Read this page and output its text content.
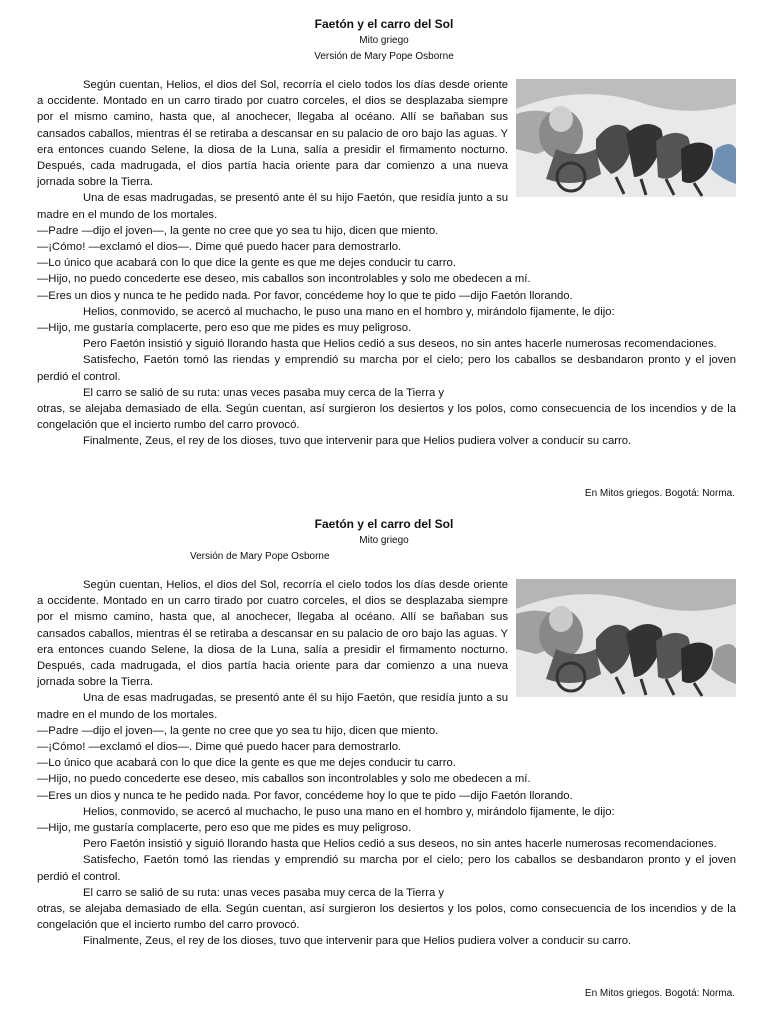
Faetón y el carro del Sol
Mito griego
Versión de Mary Pope Osborne

Según cuentan, Helios, el dios del Sol, recorría el cielo todos los días desde oriente a occidente. Montado en un carro tirado por cuatro corceles, el dios se desplazaba siempre por el mismo camino, hasta que, al anochecer, llegaba al océano. Allí se bañaban sus cansados caballos, mientras él se retiraba a descansar en su palacio de oro bajo las aguas. Y era entonces cuando Selene, la diosa de la Luna, salía a presidir el firmamento nocturno. Después, cada madrugada, el dios partía hacia oriente para dar comienzo a una nueva jornada sobre la Tierra.

Una de esas madrugadas, se presentó ante él su hijo Faetón, que residía junto a su madre en el mundo de los mortales.

—Padre —dijo el joven—, la gente no cree que yo sea tu hijo, dicen que miento.

—¡Cómo! —exclamó el dios—. Dime qué puedo hacer para demostrarlo.

—Lo único que acabará con lo que dice la gente es que me dejes conducir tu carro.

—Hijo, no puedo concederte ese deseo, mis caballos son incontrolables y solo me obedecen a mí.

—Eres un dios y nunca te he pedido nada. Por favor, concédeme hoy lo que te pido —dijo Faetón llorando.

Helios, conmovido, se acercó al muchacho, le puso una mano en el hombro y, mirándolo fijamente, le dijo:

—Hijo, me gustaría complacerte, pero eso que me pides es muy peligroso.

Pero Faetón insistió y siguió llorando hasta que Helios cedió a sus deseos, no sin antes hacerle numerosas recomendaciones.

Satisfecho, Faetón tomó las riendas y emprendió su marcha por el cielo; pero los caballos se desbandaron pronto y el joven perdió el control.

El carro se salió de su ruta: unas veces pasaba muy cerca de la Tierra y

otras, se alejaba demasiado de ella. Según cuentan, así surgieron los desiertos y los polos, como consecuencia de los incendios y de la congelación que el incierto rumbo del carro provocó.

Finalmente, Zeus, el rey de los dioses, tuvo que intervenir para que Helios pudiera volver a conducir su carro.

En Mitos griegos. Bogotá: Norma.
Faetón y el carro del Sol
Mito griego
Versión de Mary Pope Osborne

Según cuentan, Helios, el dios del Sol, recorría el cielo todos los días desde oriente a occidente. Montado en un carro tirado por cuatro corceles, el dios se desplazaba siempre por el mismo camino, hasta que, al anochecer, llegaba al océano. Allí se bañaban sus cansados caballos, mientras él se retiraba a descansar en su palacio de oro bajo las aguas. Y era entonces cuando Selene, la diosa de la Luna, salía a presidir el firmamento nocturno. Después, cada madrugada, el dios partía hacia oriente para dar comienzo a una nueva jornada sobre la Tierra.

Una de esas madrugadas, se presentó ante él su hijo Faetón, que residía junto a su madre en el mundo de los mortales.

—Padre —dijo el joven—, la gente no cree que yo sea tu hijo, dicen que miento.

—¡Cómo! —exclamó el dios—. Dime qué puedo hacer para demostrarlo.

—Lo único que acabará con lo que dice la gente es que me dejes conducir tu carro.

—Hijo, no puedo concederte ese deseo, mis caballos son incontrolables y solo me obedecen a mí.

—Eres un dios y nunca te he pedido nada. Por favor, concédeme hoy lo que te pido —dijo Faetón llorando.

Helios, conmovido, se acercó al muchacho, le puso una mano en el hombro y, mirándolo fijamente, le dijo:

—Hijo, me gustaría complacerte, pero eso que me pides es muy peligroso.

Pero Faetón insistió y siguió llorando hasta que Helios cedió a sus deseos, no sin antes hacerle numerosas recomendaciones.

Satisfecho, Faetón tomó las riendas y emprendió su marcha por el cielo; pero los caballos se desbandaron pronto y el joven perdió el control.

El carro se salió de su ruta: unas veces pasaba muy cerca de la Tierra y

otras, se alejaba demasiado de ella. Según cuentan, así surgieron los desiertos y los polos, como consecuencia de los incendios y de la congelación que el incierto rumbo del carro provocó.

Finalmente, Zeus, el rey de los dioses, tuvo que intervenir para que Helios pudiera volver a conducir su carro.

En Mitos griegos. Bogotá: Norma.
